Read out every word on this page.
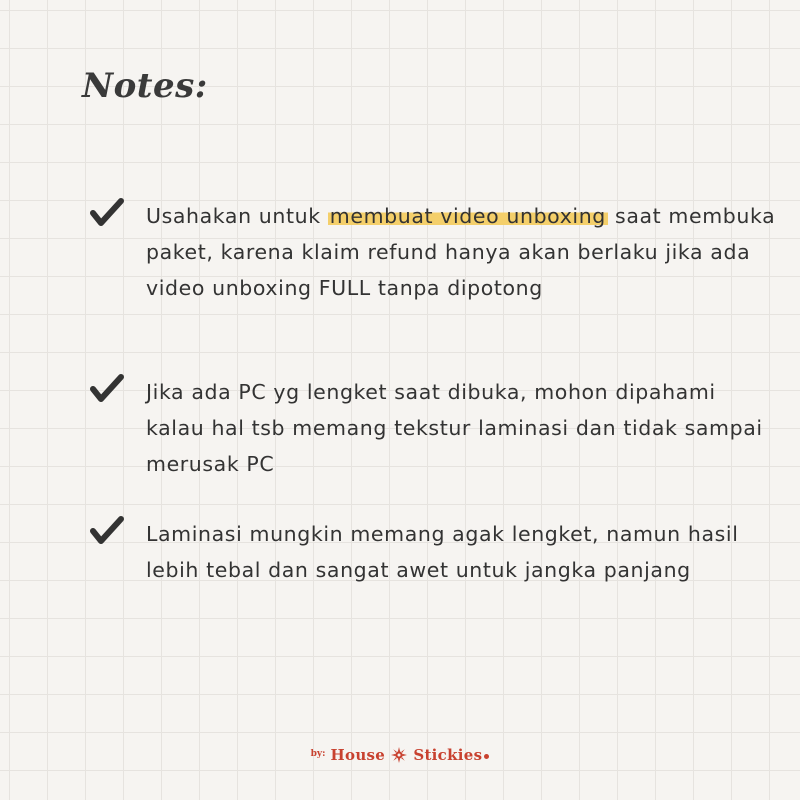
Notes:
Usahakan untuk membuat video unboxing saat membuka paket, karena klaim refund hanya akan berlaku jika ada video unboxing FULL tanpa dipotong
Jika ada PC yg lengket saat dibuka, mohon dipahami kalau hal tsb memang tekstur laminasi dan tidak sampai merusak PC
Laminasi mungkin memang agak lengket, namun hasil lebih tebal dan sangat awet untuk jangka panjang
$^{by:}$ House Stickies
